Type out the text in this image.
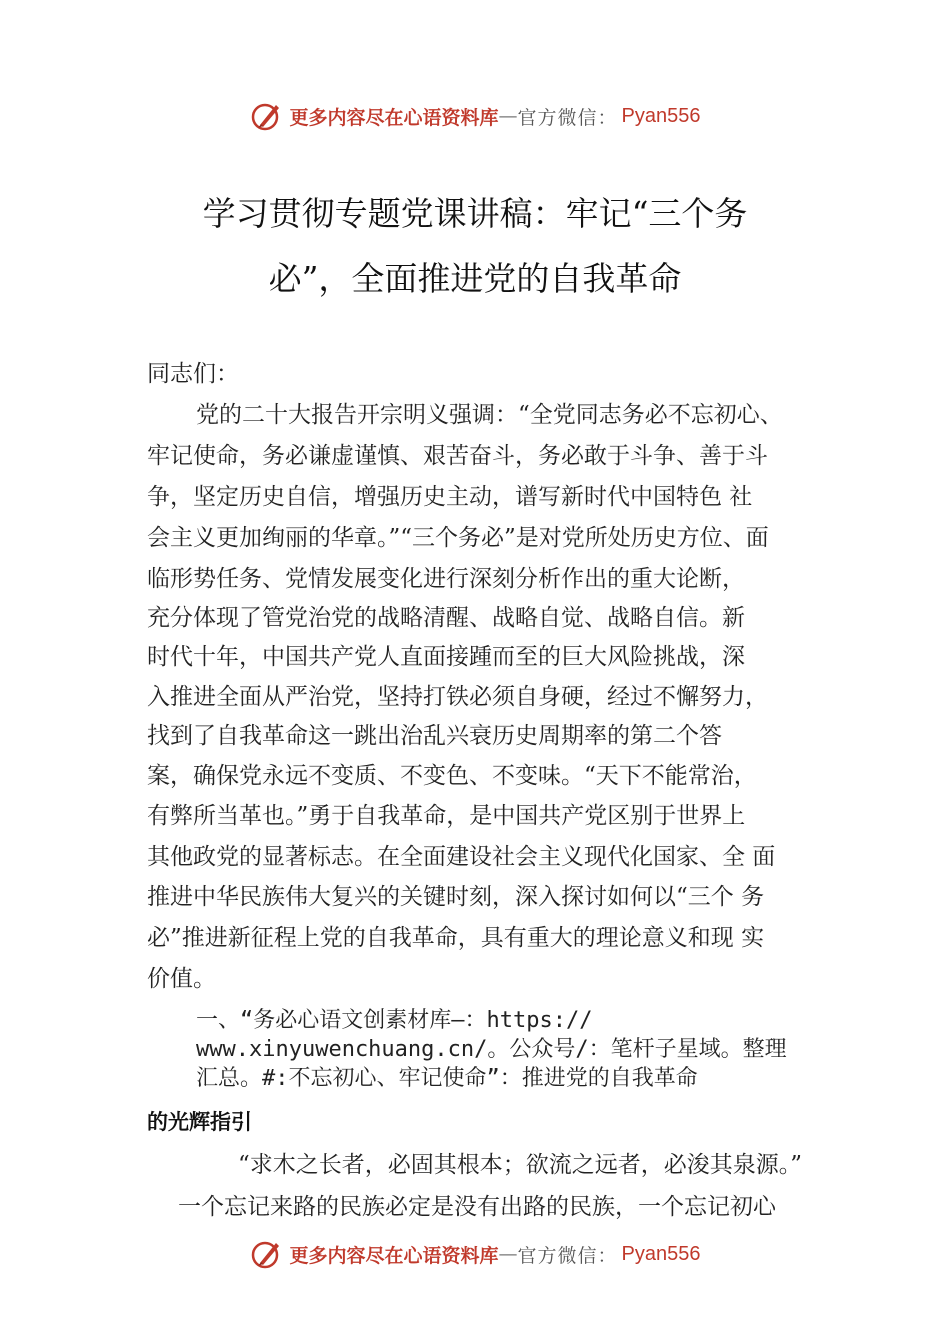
更多内容尽在心语资料库 — 官方微信： Pyan556
学习贯彻专题党课讲稿：牢记“三个务
必”，全面推进党的自我革命
同志们：
党的二十大报告开宗明义强调：“全党同志务必不忘初心、
牢记使命，务必谦虚谨慎、艰苦奋斗，务必敢于斗争、善于斗
争，坚定历史自信，增强历史主动，谱写新时代中国特色 社
会主义更加绚丽的华章。”“三个务必”是对党所处历史方位、面
临形势任务、党情发展变化进行深刻分析作出的重大论断，
充分体现了管党治党的战略清醒、战略自觉、战略自信。新
时代十年，中国共产党人直面接踵而至的巨大风险挑战，深
入推进全面从严治党，坚持打铁必须自身硬，经过不懈努力，
找到了自我革命这一跳出治乱兴衰历史周期率的第二个答
案，确保党永远不变质、不变色、不变味。“天下不能常治，
有弊所当革也。”勇于自我革命，是中国共产党区别于世界上
其他政党的显著标志。在全面建设社会主义现代化国家、全 面
推进中华民族伟大复兴的关键时刻，深入探讨如何以“三个 务
必”推进新征程上党的自我革命，具有重大的理论意义和现 实
价值。
一、“务必心语文创素材库—：https://
www.xinyuwenchuang.cn/。公众号/：笔杆子星域。整理
汇总。#:不忘初心、牢记使命”：推进党的自我革命
的光辉指引
“求木之长者，必固其根本；欲流之远者，必浚其泉源。”
一个忘记来路的民族必定是没有出路的民族，一个忘记初心
更多内容尽在心语资料库 — 官方微信： Pyan556
